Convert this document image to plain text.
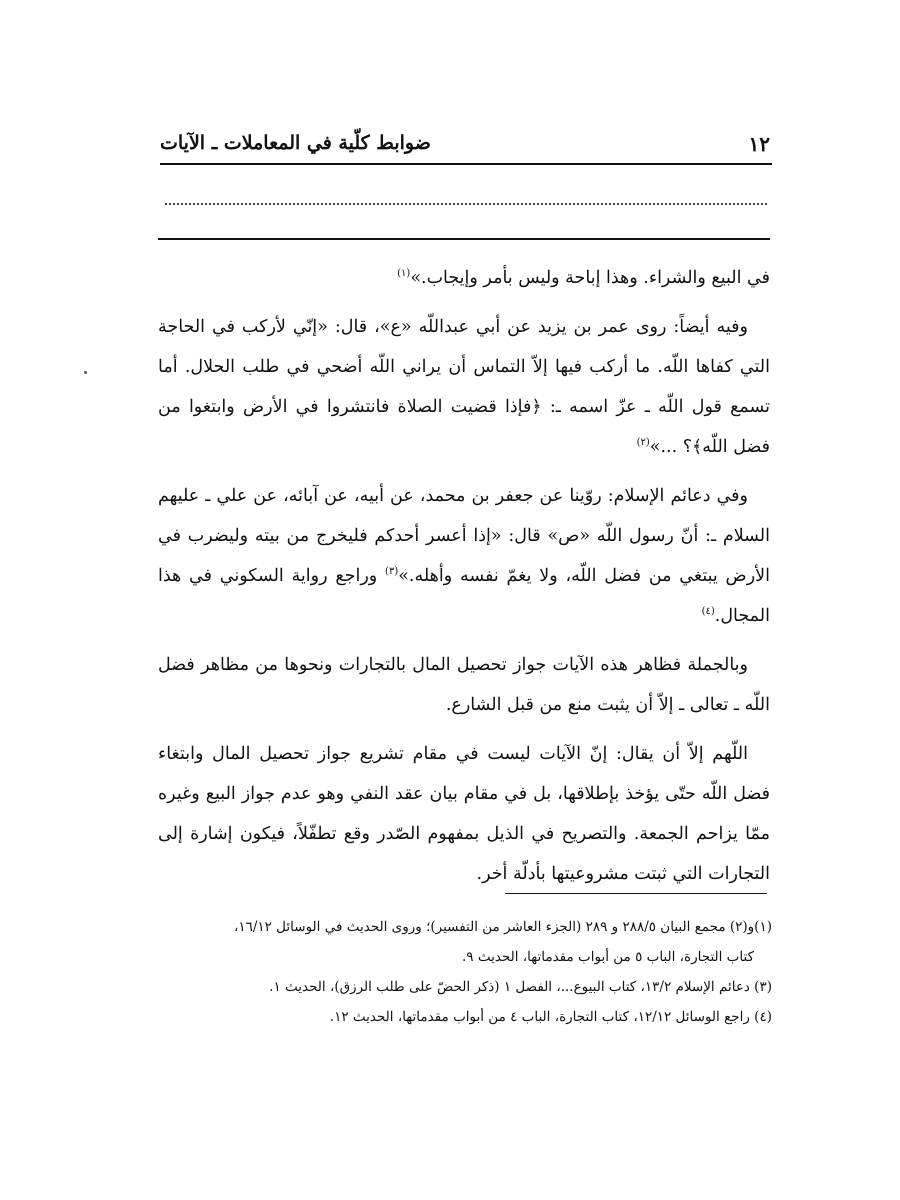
١٢
ضوابط كلّية في المعاملات ـ الآيات

في البيع والشراء. وهذا إباحة وليس بأمر وإيجاب.»$^{(١)}$

وفيه أيضاً: روى عمر بن يزيد عن أبي عبداللّه «ع»، قال: «إنّي لأركب في الحاجة التي كفاها اللّه. ما أركب فيها إلاّ التماس أن يراني اللّه أضحي في طلب الحلال. أما تسمع قول اللّه ـ عزّ اسمه ـ: ﴿فإذا قضيت الصلاة فانتشروا في الأرض وابتغوا من فضل اللّه﴾؟ ...»$^{(٢)}$

وفي دعائم الإسلام: روّينا عن جعفر بن محمد، عن أبيه، عن آبائه، عن علي ـ عليهم السلام ـ: أنّ رسول اللّه «ص» قال: «إذا أعسر أحدكم فليخرج من بيته وليضرب في الأرض يبتغي من فضل اللّه، ولا يغمّ نفسه وأهله.»$^{(٣)}$ وراجع رواية السكوني في هذا المجال.$^{(٤)}$

وبالجملة فظاهر هذه الآيات جواز تحصيل المال بالتجارات ونحوها من مظاهر فضل اللّه ـ تعالى ـ إلاّ أن يثبت منع من قبل الشارع.

اللّهم إلاّ أن يقال: إنّ الآيات ليست في مقام تشريع جواز تحصيل المال وابتغاء فضل اللّه حتّى يؤخذ بإطلاقها، بل في مقام بيان عقد النفي وهو عدم جواز البيع وغيره ممّا يزاحم الجمعة. والتصريح في الذيل بمفهوم الصّدر وقع تطفّلاً، فيكون إشارة إلى التجارات التي ثبتت مشروعيتها بأدلّة أخر.

(١)و(٢) مجمع البيان ٢٨٨/٥ و ٢٨٩ (الجزء العاشر من التفسير)؛ وروى الحديث في الوسائل ١٦/١٢،

كتاب التجارة، الباب ٥ من أبواب مقدماتها، الحديث ٩.

(٣) دعائم الإسلام ١٣/٢، كتاب البيوع...، الفصل ١ (ذكر الحضّ على طلب الرزق)، الحديث ١.

(٤) راجع الوسائل ١٢/١٢، كتاب التجارة، الباب ٤ من أبواب مقدماتها، الحديث ١٢.
